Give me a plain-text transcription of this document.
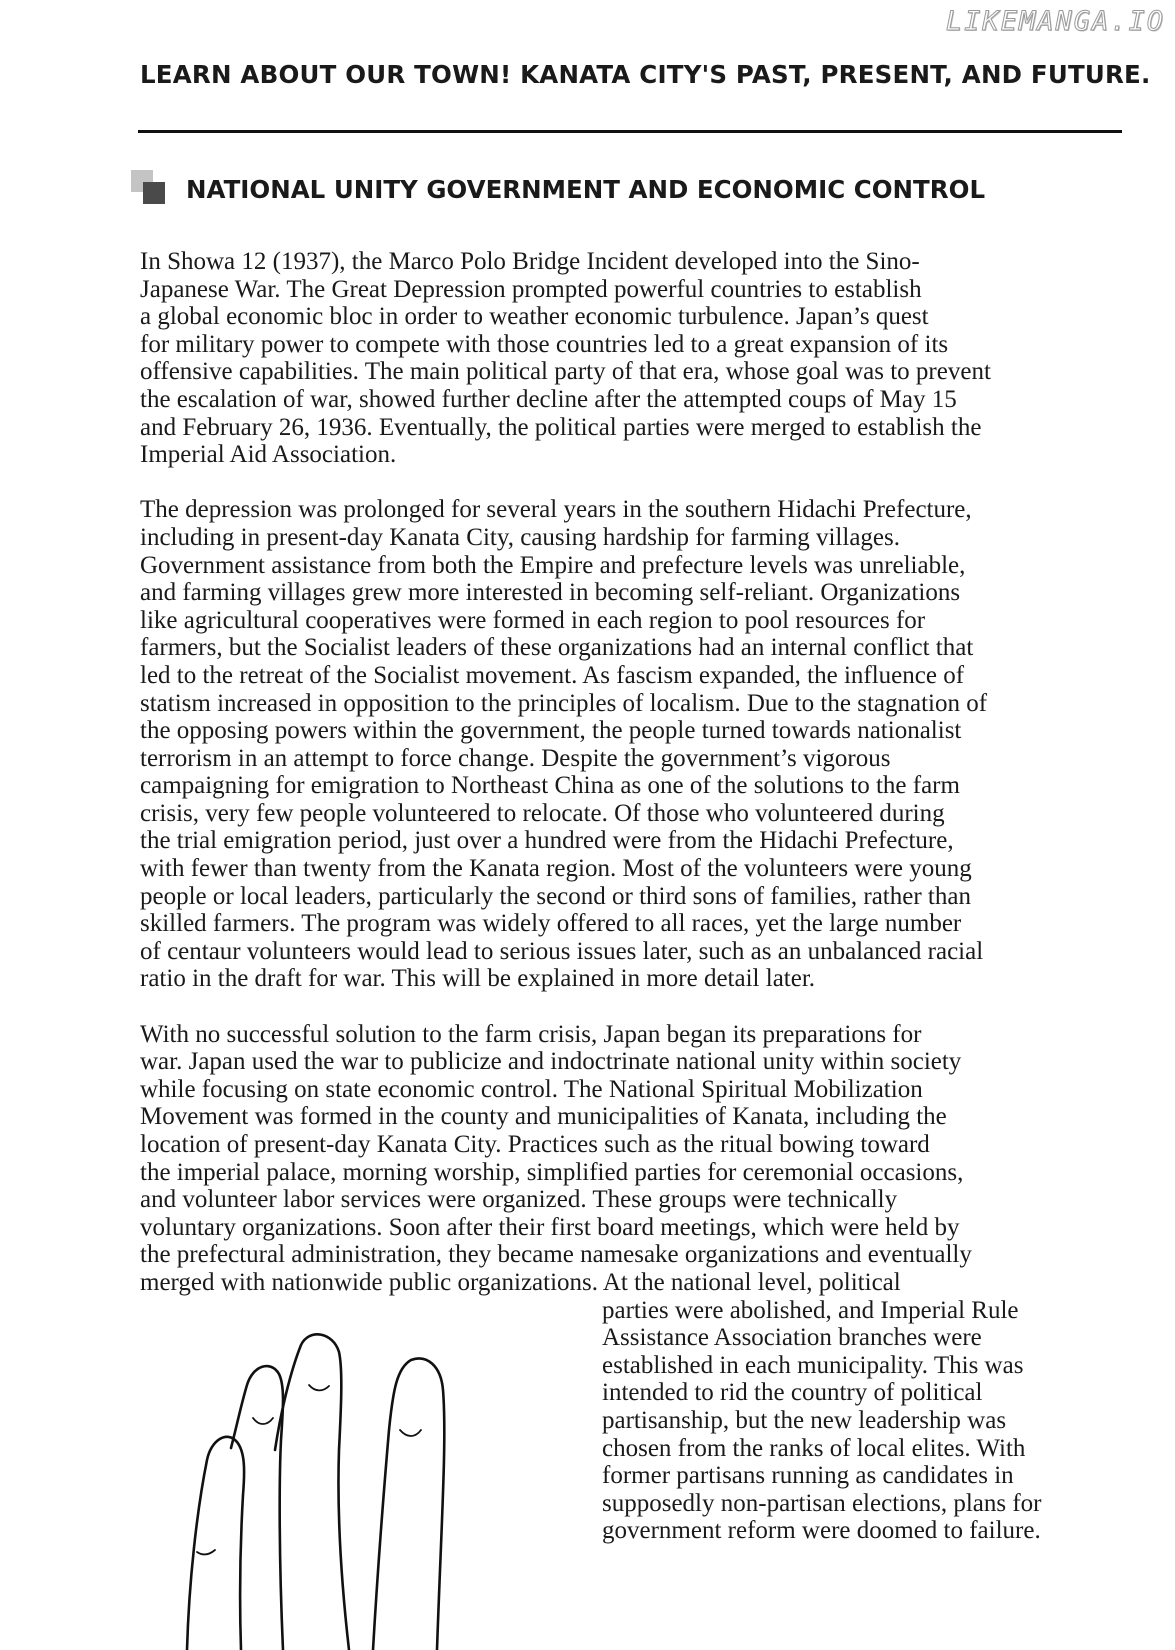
LIKEMANGA.IO
LEARN ABOUT OUR TOWN! KANATA CITY'S PAST, PRESENT, AND FUTURE.
NATIONAL UNITY GOVERNMENT AND ECONOMIC CONTROL
In Showa 12 (1937), the Marco Polo Bridge Incident developed into the Sino-
Japanese War. The Great Depression prompted powerful countries to establish
a global economic bloc in order to weather economic turbulence. Japan’s quest
for military power to compete with those countries led to a great expansion of its
offensive capabilities. The main political party of that era, whose goal was to prevent
the escalation of war, showed further decline after the attempted coups of May 15
and February 26, 1936. Eventually, the political parties were merged to establish the
Imperial Aid Association.
The depression was prolonged for several years in the southern Hidachi Prefecture,
including in present-day Kanata City, causing hardship for farming villages.
Government assistance from both the Empire and prefecture levels was unreliable,
and farming villages grew more interested in becoming self-reliant. Organizations
like agricultural cooperatives were formed in each region to pool resources for
farmers, but the Socialist leaders of these organizations had an internal conflict that
led to the retreat of the Socialist movement. As fascism expanded, the influence of
statism increased in opposition to the principles of localism. Due to the stagnation of
the opposing powers within the government, the people turned towards nationalist
terrorism in an attempt to force change. Despite the government’s vigorous
campaigning for emigration to Northeast China as one of the solutions to the farm
crisis, very few people volunteered to relocate. Of those who volunteered during
the trial emigration period, just over a hundred were from the Hidachi Prefecture,
with fewer than twenty from the Kanata region. Most of the volunteers were young
people or local leaders, particularly the second or third sons of families, rather than
skilled farmers. The program was widely offered to all races, yet the large number
of centaur volunteers would lead to serious issues later, such as an unbalanced racial
ratio in the draft for war. This will be explained in more detail later.
With no successful solution to the farm crisis, Japan began its preparations for
war. Japan used the war to publicize and indoctrinate national unity within society
while focusing on state economic control. The National Spiritual Mobilization
Movement was formed in the county and municipalities of Kanata, including the
location of present-day Kanata City. Practices such as the ritual bowing toward
the imperial palace, morning worship, simplified parties for ceremonial occasions,
and volunteer labor services were organized. These groups were technically
voluntary organizations. Soon after their first board meetings, which were held by
the prefectural administration, they became namesake organizations and eventually
merged with nationwide public organizations. At the national level, political
parties were abolished, and Imperial Rule
Assistance Association branches were
established in each municipality. This was
intended to rid the country of political
partisanship, but the new leadership was
chosen from the ranks of local elites. With
former partisans running as candidates in
supposedly non-partisan elections, plans for
government reform were doomed to failure.
